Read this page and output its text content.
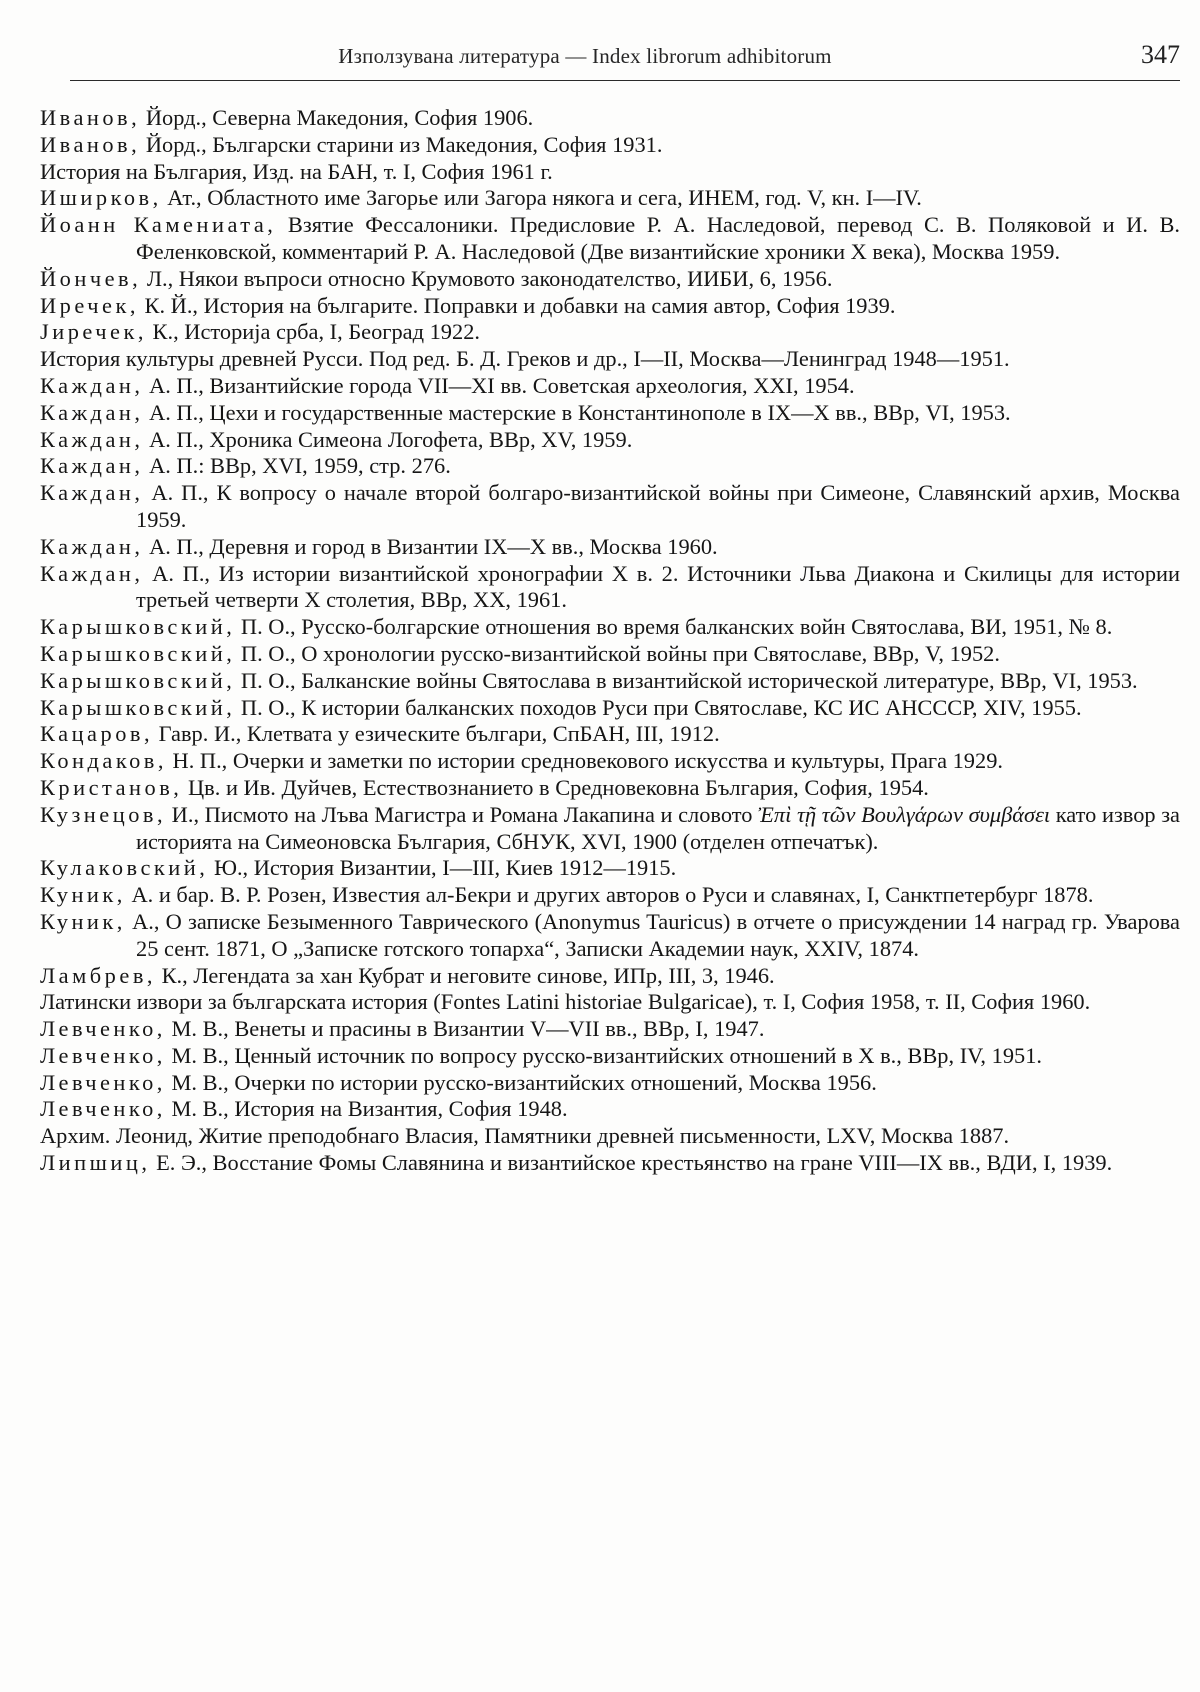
Използувана литература — Index librorum adhibitorum	347
Иванов, Йорд., Северна Македония, София 1906.
Иванов, Йорд., Български старини из Македония, София 1931.
История на България, Изд. на БАН, т. I, София 1961 г.
Иширков, Ат., Областното име Загорье или Загора някога и сега, ИНЕМ, год. V, кн. I—IV.
Йоанн Камениата, Взятие Фессалоники. Предисловие Р. А. Наследовой, перевод С. В. Поляковой и И. В. Феленковской, комментарий Р. А. Наследовой (Две византийские хроники X века), Москва 1959.
Йончев, Л., Някои въпроси относно Крумовото законодателство, ИИБИ, 6, 1956.
Иречек, К. Й., История на българите. Поправки и добавки на самия автор, София 1939.
Јиречек, К., Историја срба, I, Београд 1922.
История культуры древней Русси. Под ред. Б. Д. Греков и др., I—II, Москва—Ленинград 1948—1951.
Каждан, А. П., Византийские города VII—XI вв. Советская археология, XXI, 1954.
Каждан, А. П., Цехи и государственные мастерские в Константинополе в IX—X вв., ВВр, VI, 1953.
Каждан, А. П., Хроника Симеона Логофета, ВВр, XV, 1959.
Каждан, А. П.: ВВр, XVI, 1959, стр. 276.
Каждан, А. П., К вопросу о начале второй болгаро-византийской войны при Симеоне, Славянский архив, Москва 1959.
Каждан, А. П., Деревня и город в Византии IX—X вв., Москва 1960.
Каждан, А. П., Из истории византийской хронографии X в. 2. Источники Льва Диакона и Скилицы для истории третьей четверти X столетия, ВВр, XX, 1961.
Карышковский, П. О., Русско-болгарские отношения во время балканских войн Святослава, ВИ, 1951, № 8.
Карышковский, П. О., О хронологии русско-византийской войны при Святославе, ВВр, V, 1952.
Карышковский, П. О., Балканские войны Святослава в византийской исторической литературе, ВВр, VI, 1953.
Карышковский, П. О., К истории балканских походов Руси при Святославе, КС ИС АНСССР, XIV, 1955.
Кацаров, Гавр. И., Клетвата у езическите българи, СпБАН, III, 1912.
Кондаков, Н. П., Очерки и заметки по истории средновекового искусства и культуры, Прага 1929.
Кристанов, Цв. и Ив. Дуйчев, Естествознанието в Средновековна България, София, 1954.
Кузнецов, И., Писмото на Лъва Магистра и Романа Лакапина и словото Ἐπὶ τῇ τῶν Βουλγάρων συμβάσει като извор за историята на Симеоновска България, СбНУК, XVI, 1900 (отделен отпечатък).
Кулаковский, Ю., История Византии, I—III, Киев 1912—1915.
Куник, А. и бар. В. Р. Розен, Известия ал-Бекри и других авторов о Руси и славянах, I, Санктпетербург 1878.
Куник, А., О записке Безыменного Таврического (Anonymus Tauricus) в отчете о присуждении 14 наград гр. Уварова 25 сент. 1871, О „Записке готского топарха“, Записки Академии наук, XXIV, 1874.
Ламбрев, К., Легендата за хан Кубрат и неговите синове, ИПр, III, 3, 1946.
Латински извори за българската история (Fontes Latini historiae Bulgaricae), т. I, София 1958, т. II, София 1960.
Левченко, М. В., Венеты и прасины в Византии V—VII вв., ВВр, I, 1947.
Левченко, М. В., Ценный источник по вопросу русско-византийских отношений в X в., ВВр, IV, 1951.
Левченко, М. В., Очерки по истории русско-византийских отношений, Москва 1956.
Левченко, М. В., История на Византия, София 1948.
Архим. Леонид, Житие преподобнаго Власия, Памятники древней письменности, LXV, Москва 1887.
Липшиц, Е. Э., Восстание Фомы Славянина и византийское крестьянство на гране VIII—IX вв., ВДИ, I, 1939.
